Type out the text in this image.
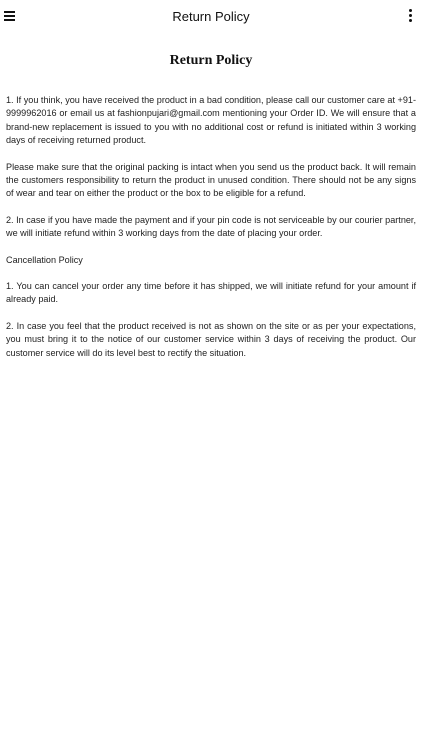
Return Policy
Return Policy

1. If you think, you have received the product in a bad condition, please call our customer care at +91-9999962016 or email us at fashionpujari@gmail.com mentioning your Order ID. We will ensure that a brand-new replacement is issued to you with no additional cost or refund is initiated within 3 working days of receiving returned product.

Please make sure that the original packing is intact when you send us the product back. It will remain the customers responsibility to return the product in unused condition. There should not be any signs of wear and tear on either the product or the box to be eligible for a refund.

2. In case if you have made the payment and if your pin code is not serviceable by our courier partner, we will initiate refund within 3 working days from the date of placing your order.

Cancellation Policy

1. You can cancel your order any time before it has shipped, we will initiate refund for your amount if already paid.

2. In case you feel that the product received is not as shown on the site or as per your expectations, you must bring it to the notice of our customer service within 3 days of receiving the product. Our customer service will do its level best to rectify the situation.
